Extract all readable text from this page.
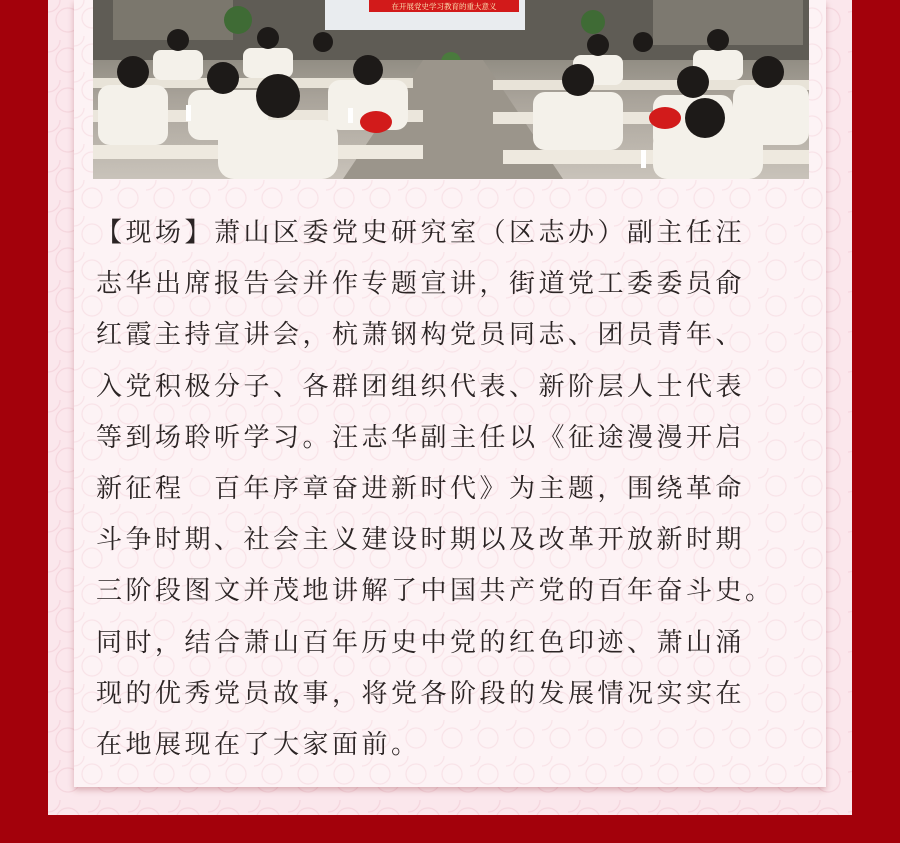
在开展党史学习教育的重大意义

【现场】萧山区委党史研究室（区志办）副主任汪
志华出席报告会并作专题宣讲，街道党工委委员俞
红霞主持宣讲会，杭萧钢构党员同志、团员青年、
入党积极分子、各群团组织代表、新阶层人士代表
等到场聆听学习。汪志华副主任以《征途漫漫开启
新征程　百年序章奋进新时代》为主题，围绕革命
斗争时期、社会主义建设时期以及改革开放新时期
三阶段图文并茂地讲解了中国共产党的百年奋斗史。
同时，结合萧山百年历史中党的红色印迹、萧山涌
现的优秀党员故事，将党各阶段的发展情况实实在
在地展现在了大家面前。
